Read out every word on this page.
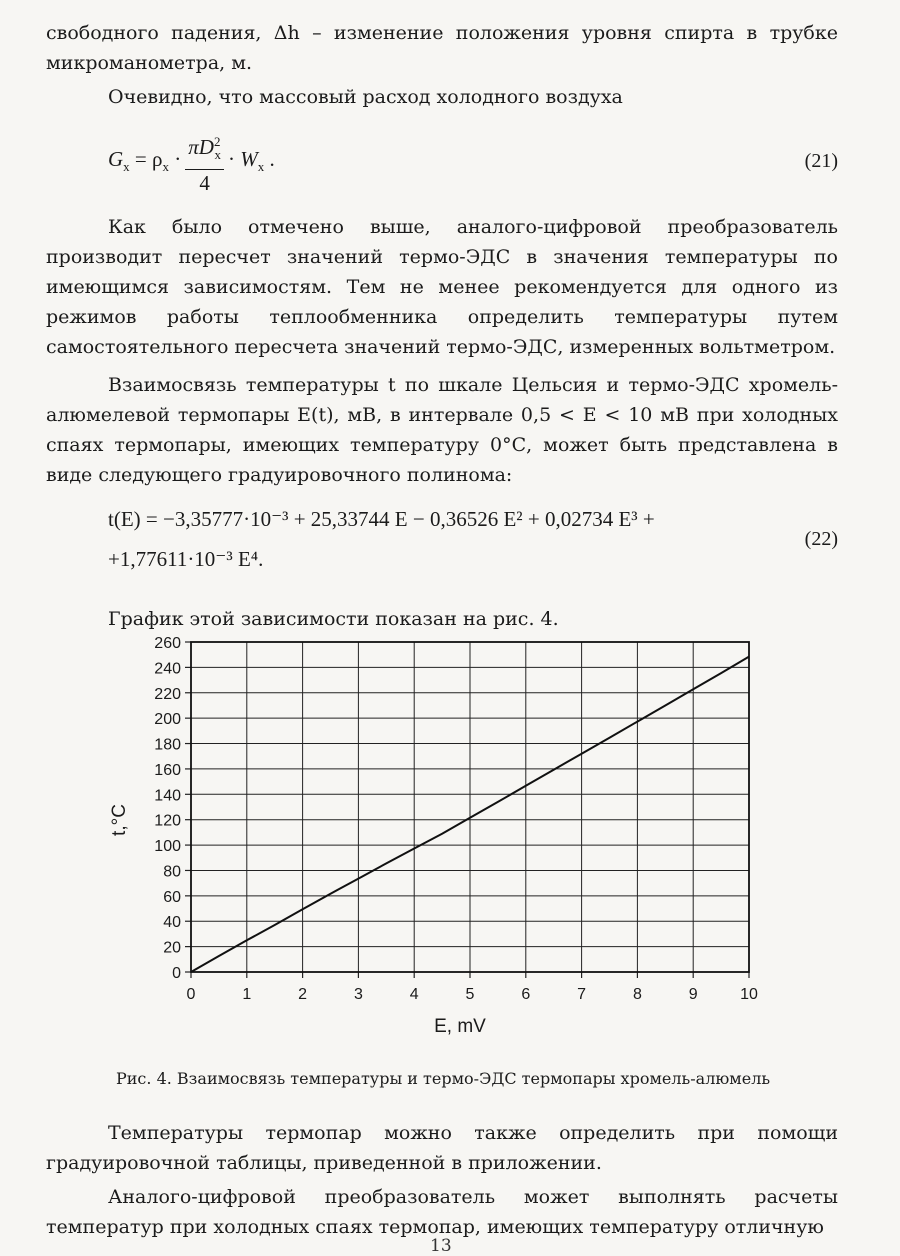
свободного падения, Δh – изменение положения уровня спирта в трубке микроманометра, м.

Очевидно, что массовый расход холодного воздуха

$G_x = \rho_x \cdot \frac{\pi D^2_x}{4} \cdot W_x$ .	(21)

Как было отмечено выше, аналого-цифровой преобразователь производит пересчет значений термо-ЭДС в значения температуры по имеющимся зависимостям. Тем не менее рекомендуется для одного из режимов работы теплообменника определить температуры путем самостоятельного пересчета значений термо-ЭДС, измеренных вольтметром.

Взаимосвязь температуры t по шкале Цельсия и термо-ЭДС хромель-алюмелевой термопары E(t), мВ, в интервале 0,5 < E < 10 мВ при холодных спаях термопары, имеющих температуру 0°С, может быть представлена в виде следующего градуировочного полинома:

t(E) = −3,35777·10⁻³ + 25,33744 E − 0,36526 E² + 0,02734 E³ +
+1,77611·10⁻³ E⁴.
(22)

График этой зависимости показан на рис. 4.

0	1	2	3	4	5	6	7	8	9	10
0
20
40
60
80
100
120
140
160
180
200
220
240
260
E, mV
t,°C
Рис. 4. Взаимосвязь температуры и термо-ЭДС термопары хромель-алюмель

Температуры термопар можно также определить при помощи градуировочной таблицы, приведенной в приложении.

Аналого-цифровой преобразователь может выполнять расчеты температур при холодных спаях термопар, имеющих температуру отличную

13
